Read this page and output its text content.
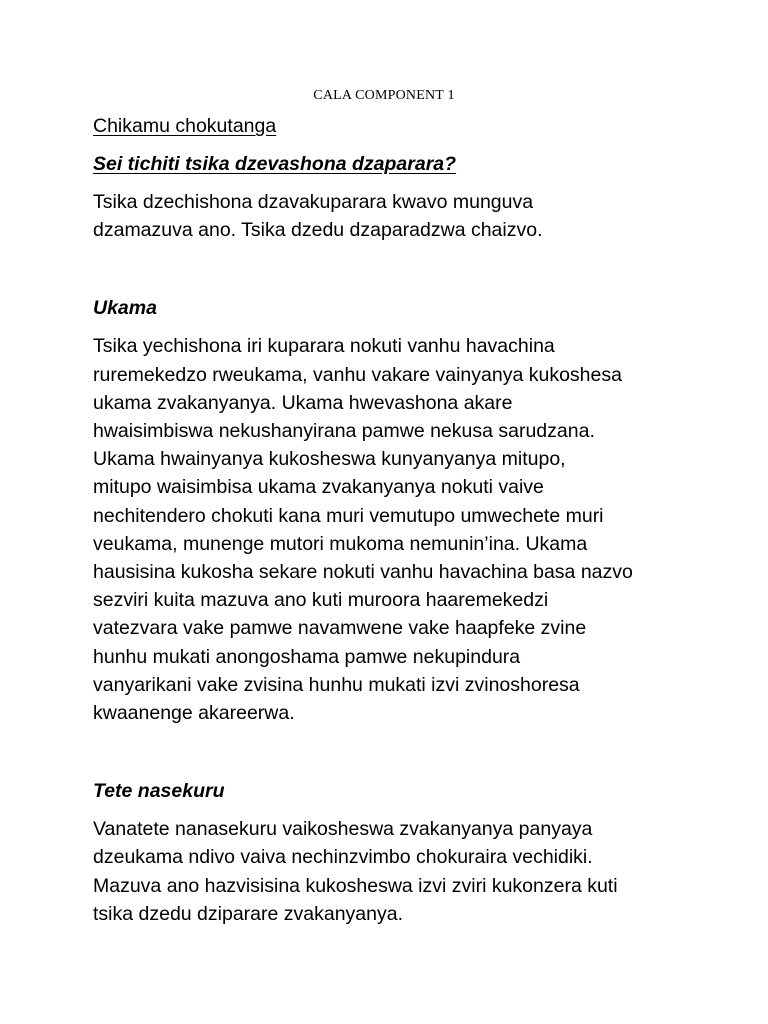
CALA COMPONENT 1
Chikamu chokutanga
Sei tichiti tsika dzevashona dzaparara?

Tsika dzechishona dzavakuparara kwavo munguva
dzamazuva ano. Tsika dzedu dzaparadzwa chaizvo.

Ukama

Tsika yechishona iri kuparara nokuti vanhu havachina
ruremekedzo rweukama, vanhu vakare vainyanya kukoshesa
ukama zvakanyanya. Ukama hwevashona akare
hwaisimbiswa nekushanyirana pamwe nekusa sarudzana.
Ukama hwainyanya kukosheswa kunyanyanya mitupo,
mitupo waisimbisa ukama zvakanyanya nokuti vaive
nechitendero chokuti kana muri vemutupo umwechete muri
veukama, munenge mutori mukoma nemunin’ina. Ukama
hausisina kukosha sekare nokuti vanhu havachina basa nazvo
sezviri kuita mazuva ano kuti muroora haaremekedzi
vatezvara vake pamwe navamwene vake haapfeke zvine
hunhu mukati anongoshama pamwe nekupindura
vanyarikani vake zvisina hunhu mukati izvi zvinoshoresa
kwaanenge akareerwa.

Tete nasekuru

Vanatete nanasekuru vaikosheswa zvakanyanya panyaya
dzeukama ndivo vaiva nechinzvimbo chokuraira vechidiki.
Mazuva ano hazvisisina kukosheswa izvi zviri kukonzera kuti
tsika dzedu dziparare zvakanyanya.
